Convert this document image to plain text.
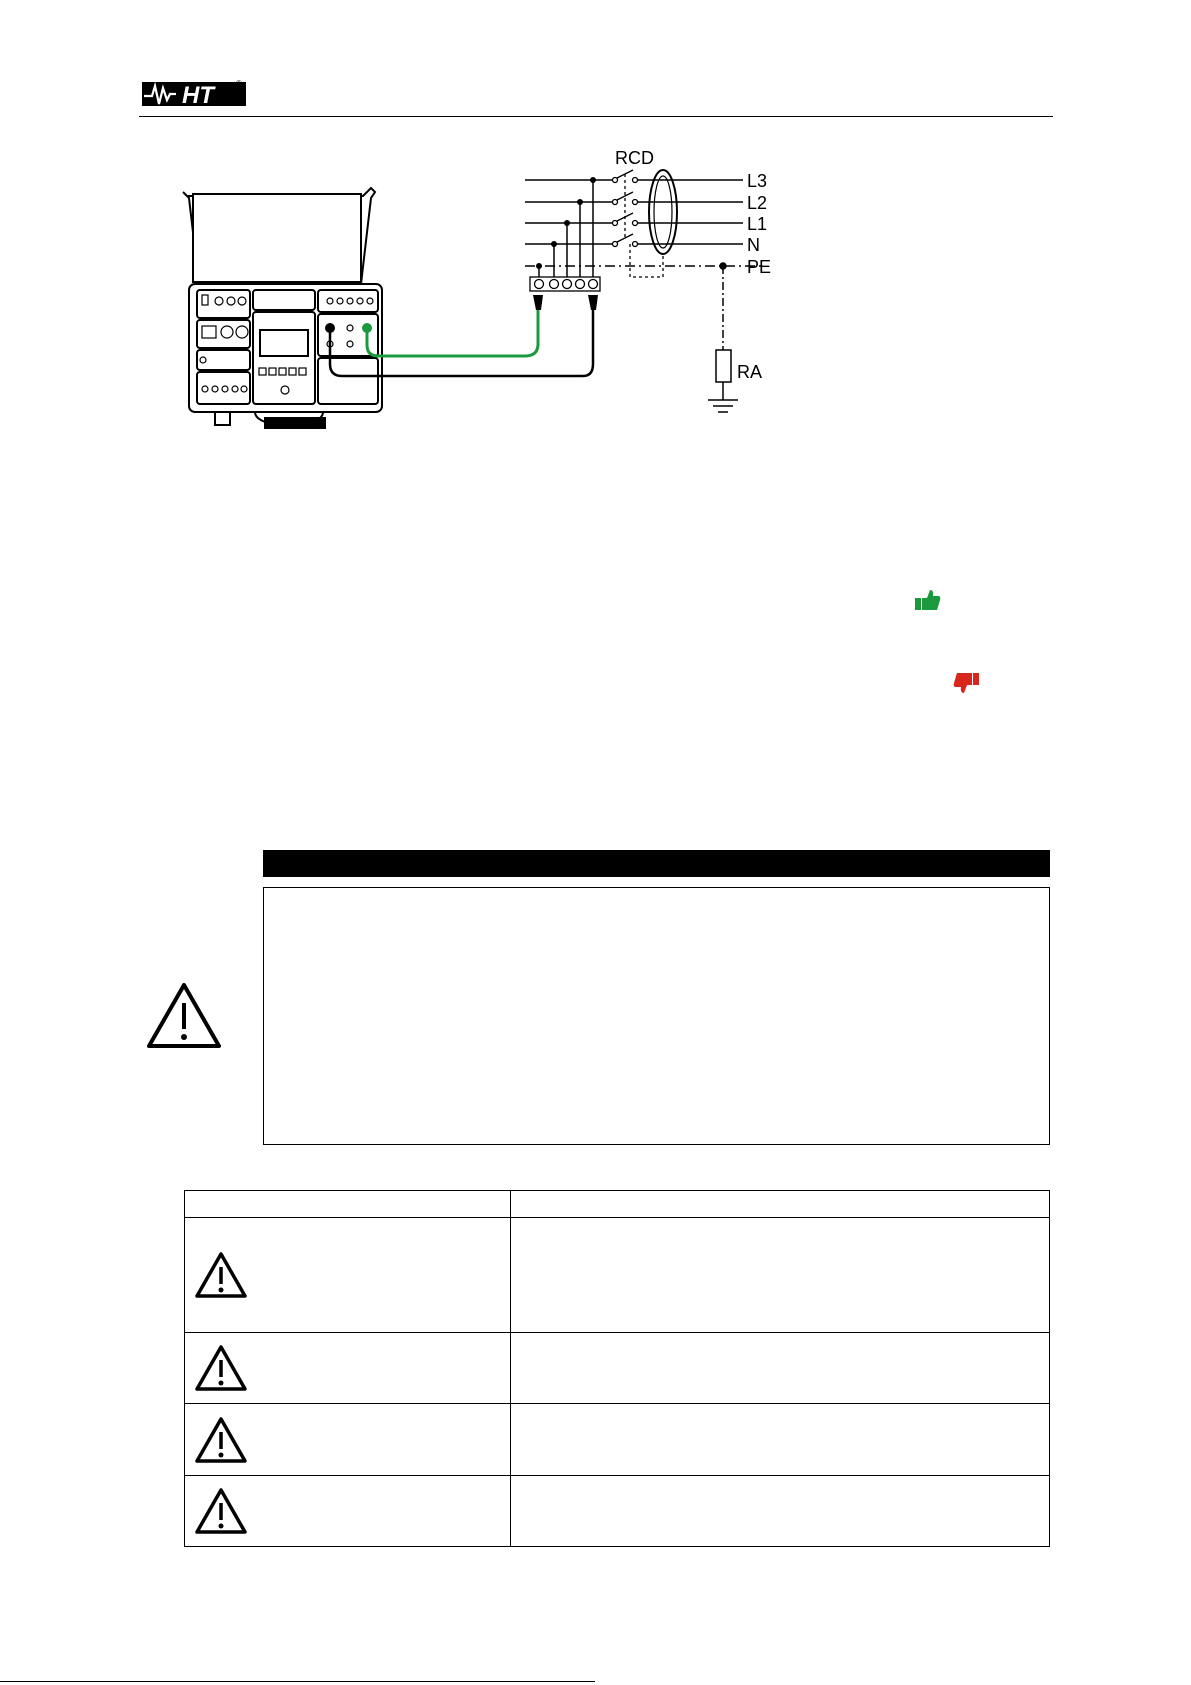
HT	®
RCD
L3
L2
L1
N
PE
RA
